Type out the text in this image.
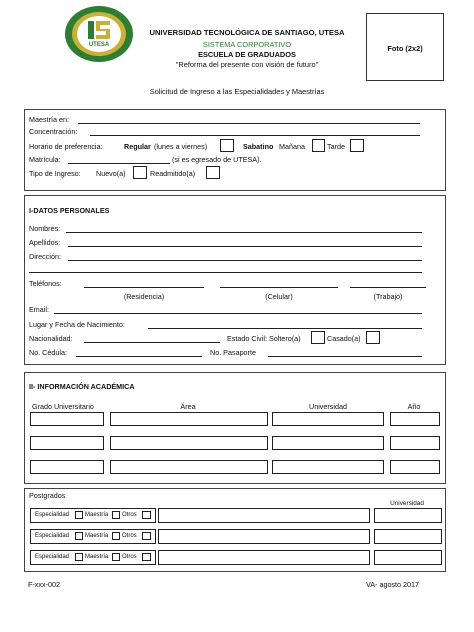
UTESA
UNIVERSIDAD TECNOLÓGICA DE SANTIAGO, UTESA
SISTEMA CORPORATIVO
ESCUELA DE GRADUADOS
"Reforma del presente con visión de futuro"
Foto (2x2)
Solicitud de Ingreso a las Especialidades y Maestrías
Maestría en:
Concentración:
Horario de preferencia:	Regular (lunes a viernes)	Sabatino Mañana	Tarde
Matrícula:	(si es egresado de UTESA).
Tipo de Ingreso: Nuevo(a)	Readmitido(a)
I-DATOS PERSONALES
Nombres:
Apellidos:
Dirección:
Teléfonos:
(Residencia)	(Celular)	(Trabajo)
Email:
Lugar y Fecha de Nacimiento:
Nacionalidad:	Estado Civil: Soltero(a)	Casado(a)
No. Cédula:	No. Pasaporte
II- INFORMACIÓN ACADÉMICA
Grado Universitario	Área	Universidad	Año
Postgrados
Universidad
Especialidad	Maestría Otros
Especialidad	Maestría Otros
Especialidad	Maestría Otros
F-xxx-002	VA- agosto 2017
